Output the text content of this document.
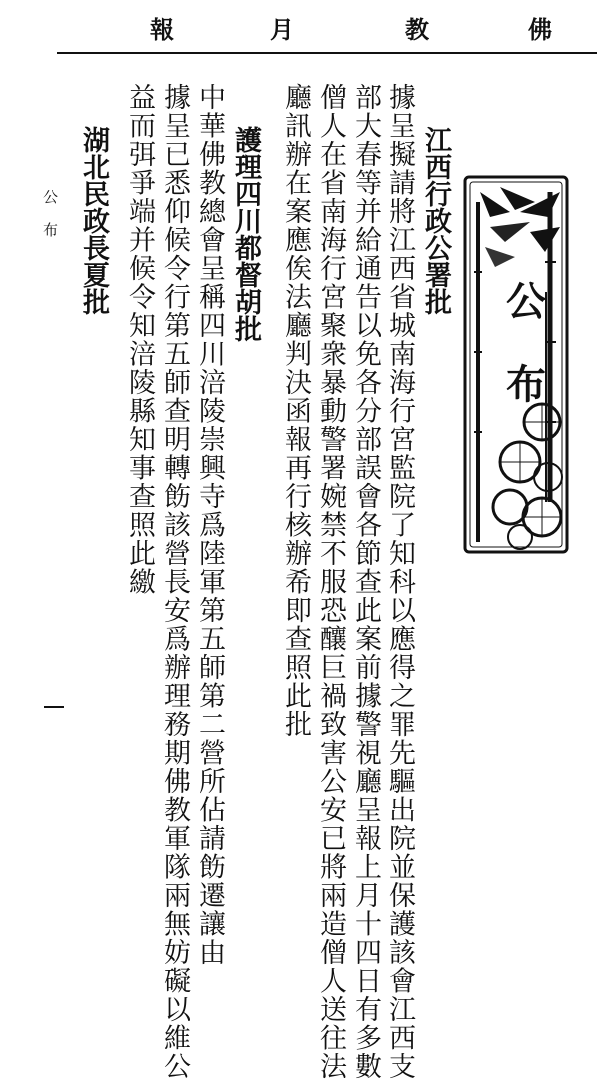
佛
教
月
報
公
布
江西行政公署批
據呈擬請將江西省城南海行宮監院了知科以應得之罪先驅出院並保護該會江西支
部大春等并給通告以免各分部誤會各節查此案前據警視廳呈報上月十四日有多數
僧人在省南海行宮聚衆暴動警署婉禁不服恐釀巨禍致害公安已將兩造僧人送往法
廳訊辦在案應俟法廳判決函報再行核辦希即查照此批
護理四川都督胡批
中華佛教總會呈稱四川涪陵崇興寺爲陸軍第五師第二營所佔請飭遷讓由
據呈已悉仰候令行第五師查明轉飭該營長安爲辦理務期佛教軍隊兩無妨礙以維公
益而弭爭端并候令知涪陵縣知事查照此繳
湖北民政長夏批
公 布
